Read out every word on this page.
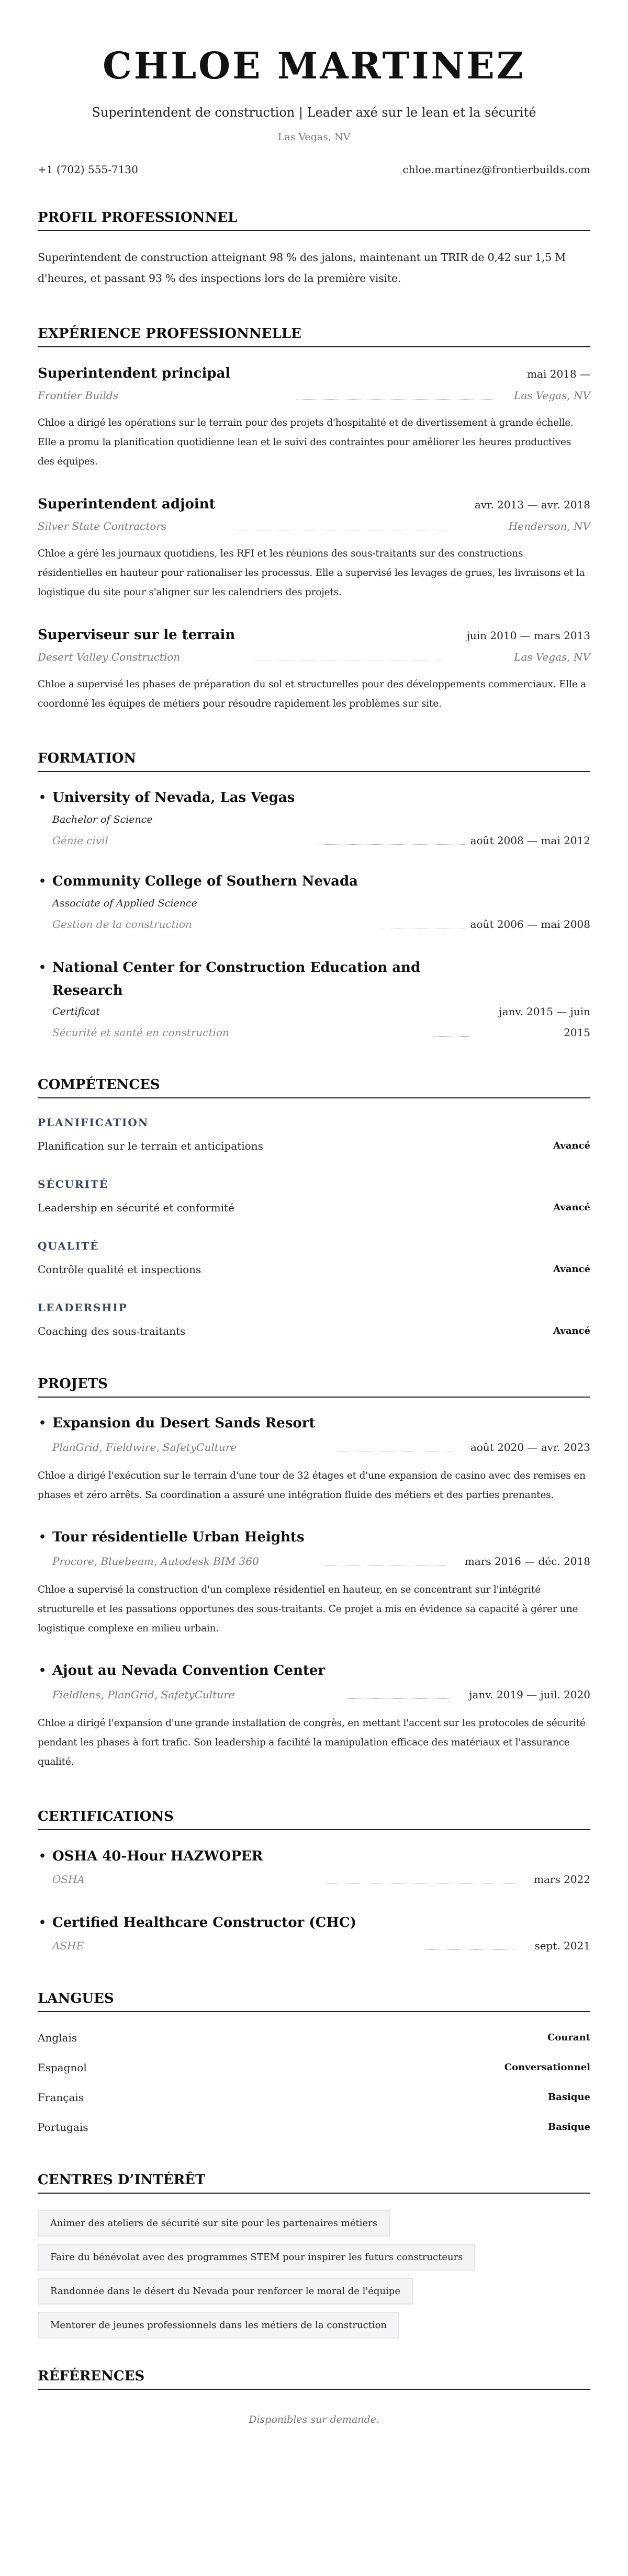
CHLOE MARTINEZ
Superintendent de construction | Leader axé sur le lean et la sécurité
Las Vegas, NV
+1 (702) 555-7130	chloe.martinez@frontierbuilds.com
PROFIL PROFESSIONNEL

Superintendent de construction atteignant 98 % des jalons, maintenant un TRIR de 0,42 sur 1,5 M d'heures, et passant 93 % des inspections lors de la première visite.

EXPÉRIENCE PROFESSIONNELLE
Superintendent principal	mai 2018 —
Frontier Builds	Las Vegas, NV

Chloe a dirigé les opérations sur le terrain pour des projets d'hospitalité et de divertissement à grande échelle. Elle a promu la planification quotidienne lean et le suivi des contraintes pour améliorer les heures productives des équipes.

Superintendent adjoint	avr. 2013 — avr. 2018
Silver State Contractors	Henderson, NV

Chloe a géré les journaux quotidiens, les RFI et les réunions des sous-traitants sur des constructions résidentielles en hauteur pour rationaliser les processus. Elle a supervisé les levages de grues, les livraisons et la logistique du site pour s'aligner sur les calendriers des projets.

Superviseur sur le terrain	juin 2010 — mars 2013
Desert Valley Construction	Las Vegas, NV

Chloe a supervisé les phases de préparation du sol et structurelles pour des développements commerciaux. Elle a coordonné les équipes de métiers pour résoudre rapidement les problèmes sur site.

FORMATION
• University of Nevada, Las Vegas
Bachelor of Science
Génie civil	août 2008 — mai 2012
• Community College of Southern Nevada
Associate of Applied Science
Gestion de la construction	août 2006 — mai 2008
• National Center for Construction Education and Research
Certificat
Sécurité et santé en construction
janv. 2015 — juin 2015
COMPÉTENCES
PLANIFICATION
Planification sur le terrain et anticipations	Avancé
SÉCURITÉ
Leadership en sécurité et conformité	Avancé
QUALITÉ
Contrôle qualité et inspections	Avancé
LEADERSHIP
Coaching des sous-traitants	Avancé
PROJETS
• Expansion du Desert Sands Resort
PlanGrid, Fieldwire, SafetyCulture	août 2020 — avr. 2023

Chloe a dirigé l'exécution sur le terrain d'une tour de 32 étages et d'une expansion de casino avec des remises en phases et zéro arrêts. Sa coordination a assuré une intégration fluide des métiers et des parties prenantes.

• Tour résidentielle Urban Heights
Procore, Bluebeam, Autodesk BIM 360	mars 2016 — déc. 2018

Chloe a supervisé la construction d'un complexe résidentiel en hauteur, en se concentrant sur l'intégrité structurelle et les passations opportunes des sous-traitants. Ce projet a mis en évidence sa capacité à gérer une logistique complexe en milieu urbain.

• Ajout au Nevada Convention Center
Fieldlens, PlanGrid, SafetyCulture	janv. 2019 — juil. 2020

Chloe a dirigé l'expansion d'une grande installation de congrès, en mettant l'accent sur les protocoles de sécurité pendant les phases à fort trafic. Son leadership a facilité la manipulation efficace des matériaux et l'assurance qualité.

CERTIFICATIONS
• OSHA 40-Hour HAZWOPER
OSHA	mars 2022
• Certified Healthcare Constructor (CHC)
ASHE	sept. 2021
LANGUES
Anglais	Courant
Espagnol	Conversationnel
Français	Basique
Portugais	Basique
CENTRES D’INTÉRÊT
Animer des ateliers de sécurité sur site pour les partenaires métiers
Faire du bénévolat avec des programmes STEM pour inspirer les futurs constructeurs
Randonnée dans le désert du Nevada pour renforcer le moral de l'équipe
Mentorer de jeunes professionnels dans les métiers de la construction
RÉFÉRENCES

Disponibles sur demande.
